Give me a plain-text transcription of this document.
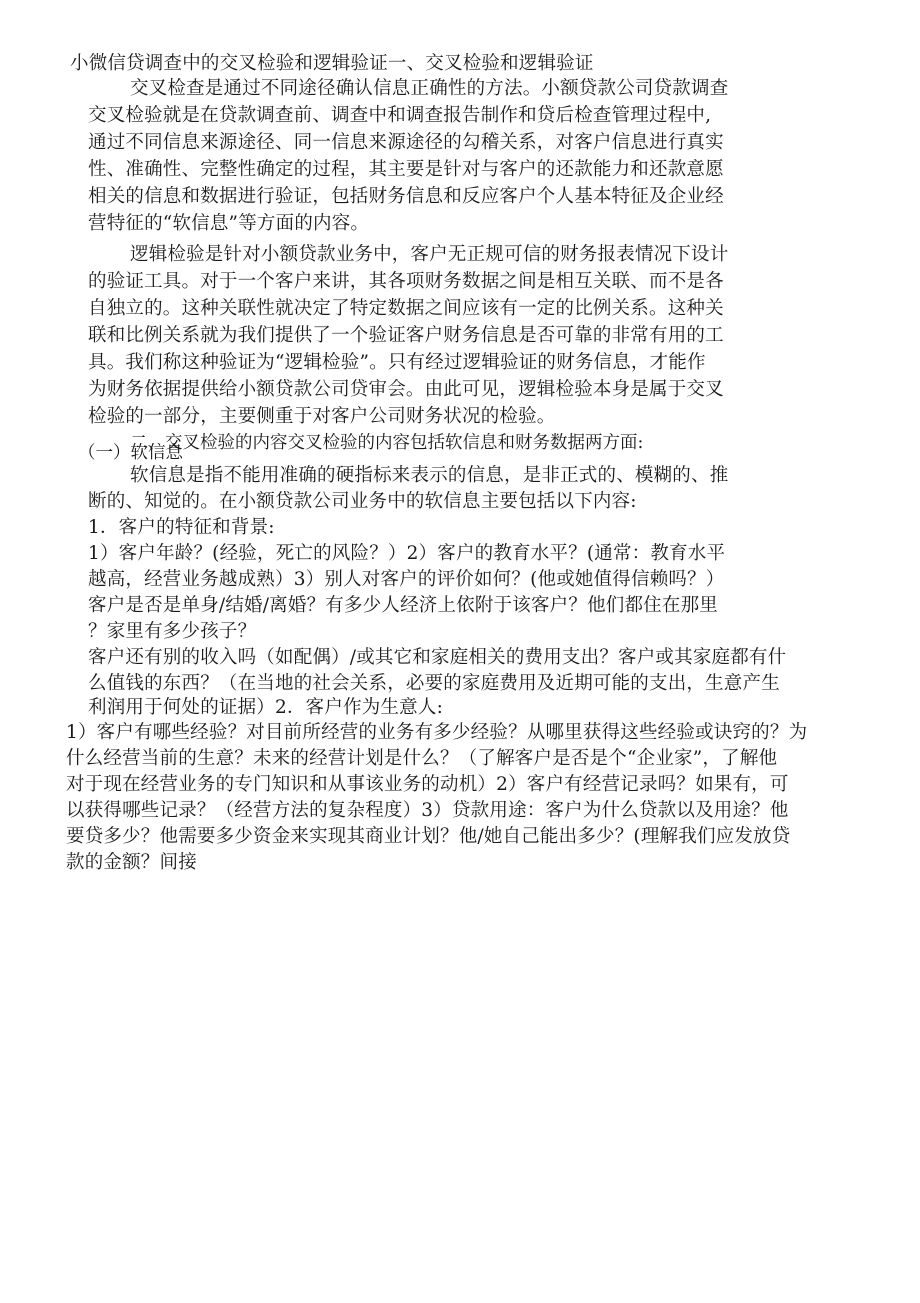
小微信贷调查中的交叉检验和逻辑验证一、交叉检验和逻辑验证
交叉检查是通过不同途径确认信息正确性的方法。小额贷款公司贷款调查
交叉检验就是在贷款调查前、调查中和调查报告制作和贷后检查管理过程中,
通过不同信息来源途径、同一信息来源途径的勾稽关系，对客户信息进行真实
性、准确性、完整性确定的过程，其主要是针对与客户的还款能力和还款意愿
相关的信息和数据进行验证，包括财务信息和反应客户个人基本特征及企业经
营特征的“软信息”等方面的内容。
逻辑检验是针对小额贷款业务中，客户无正规可信的财务报表情况下设计
的验证工具。对于一个客户来讲，其各项财务数据之间是相互关联、而不是各
自独立的。这种关联性就决定了特定数据之间应该有一定的比例关系。这种关
联和比例关系就为我们提供了一个验证客户财务信息是否可靠的非常有用的工
具。我们称这种验证为“逻辑检验”。只有经过逻辑验证的财务信息，才能作
为财务依据提供给小额贷款公司贷审会。由此可见，逻辑检验本身是属于交叉
检验的一部分，主要侧重于对客户公司财务状况的检验。
二、交叉检验的内容交叉检验的内容包括软信息和财务数据两方面:
（一）软信息
软信息是指不能用准确的硬指标来表示的信息，是非正式的、模糊的、推
断的、知觉的。在小额贷款公司业务中的软信息主要包括以下内容:
1．客户的特征和背景:
1）客户年龄？(经验，死亡的风险？）2）客户的教育水平？(通常：教育水平
越高，经营业务越成熟）3）别人对客户的评价如何？(他或她值得信赖吗？）
客户是否是单身/结婚/离婚？有多少人经济上依附于该客户？他们都住在那里
？家里有多少孩子？
客户还有别的收入吗（如配偶）/或其它和家庭相关的费用支出？客户或其家庭都有什
么值钱的东西？（在当地的社会关系，必要的家庭费用及近期可能的支出，生意产生
利润用于何处的证据）2．客户作为生意人:
1）客户有哪些经验？对目前所经营的业务有多少经验？从哪里获得这些经验或诀窍的？为
什么经营当前的生意？未来的经营计划是什么？（了解客户是否是个“企业家”，了解他
对于现在经营业务的专门知识和从事该业务的动机）2）客户有经营记录吗？如果有，可
以获得哪些记录？（经营方法的复杂程度）3）贷款用途：客户为什么贷款以及用途？他
要贷多少？他需要多少资金来实现其商业计划？他/她自己能出多少？(理解我们应发放贷
款的金额？间接
